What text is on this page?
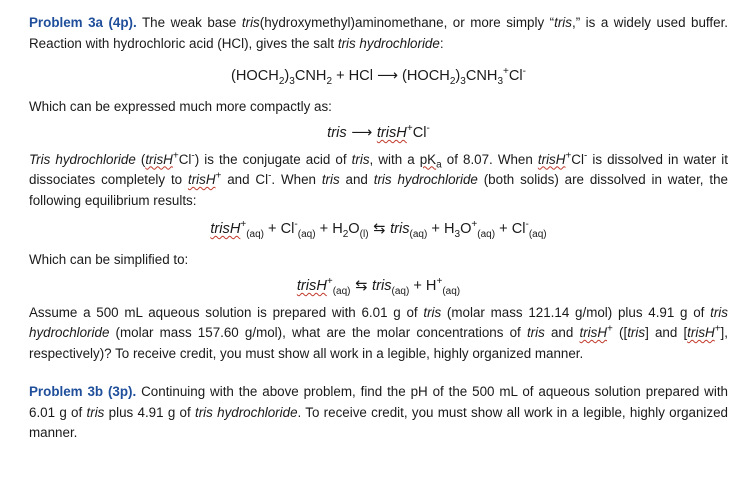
Problem 3a (4p). The weak base tris(hydroxymethyl)aminomethane, or more simply “tris,” is a widely used buffer. Reaction with hydrochloric acid (HCl), gives the salt tris hydrochloride:

$(HOCH_2)_3CNH_2$ + HCl ⟶ $(HOCH_2)_3CNH_3^+Cl^-$

Which can be expressed much more compactly as:

tris ⟶ trisH+Cl-

Tris hydrochloride (trisH+Cl-) is the conjugate acid of tris, with a $pK_a$ of 8.07. When trisH+Cl- is dissolved in water it dissociates completely to trisH+ and Cl-. When tris and tris hydrochloride (both solids) are dissolved in water, the following equilibrium results:

trisH+$_{(aq)}$ + $Cl^-_{(aq)} + H_2O_{(l)}$ ⇆ tris$_{(aq)}$ + $H_3O^+_{(aq)} + Cl^-_{(aq)}$

Which can be simplified to:

trisH+$_{(aq)}$ ⇆ tris$_{(aq)}$ + $H^+_{(aq)}$

Assume a 500 mL aqueous solution is prepared with 6.01 g of tris (molar mass 121.14 g/mol) plus 4.91 g of tris hydrochloride (molar mass 157.60 g/mol), what are the molar concentrations of tris and trisH+ ([tris] and [trisH+], respectively)? To receive credit, you must show all work in a legible, highly organized manner.

Problem 3b (3p). Continuing with the above problem, find the pH of the 500 mL of aqueous solution prepared with 6.01 g of tris plus 4.91 g of tris hydrochloride. To receive credit, you must show all work in a legible, highly organized manner.
